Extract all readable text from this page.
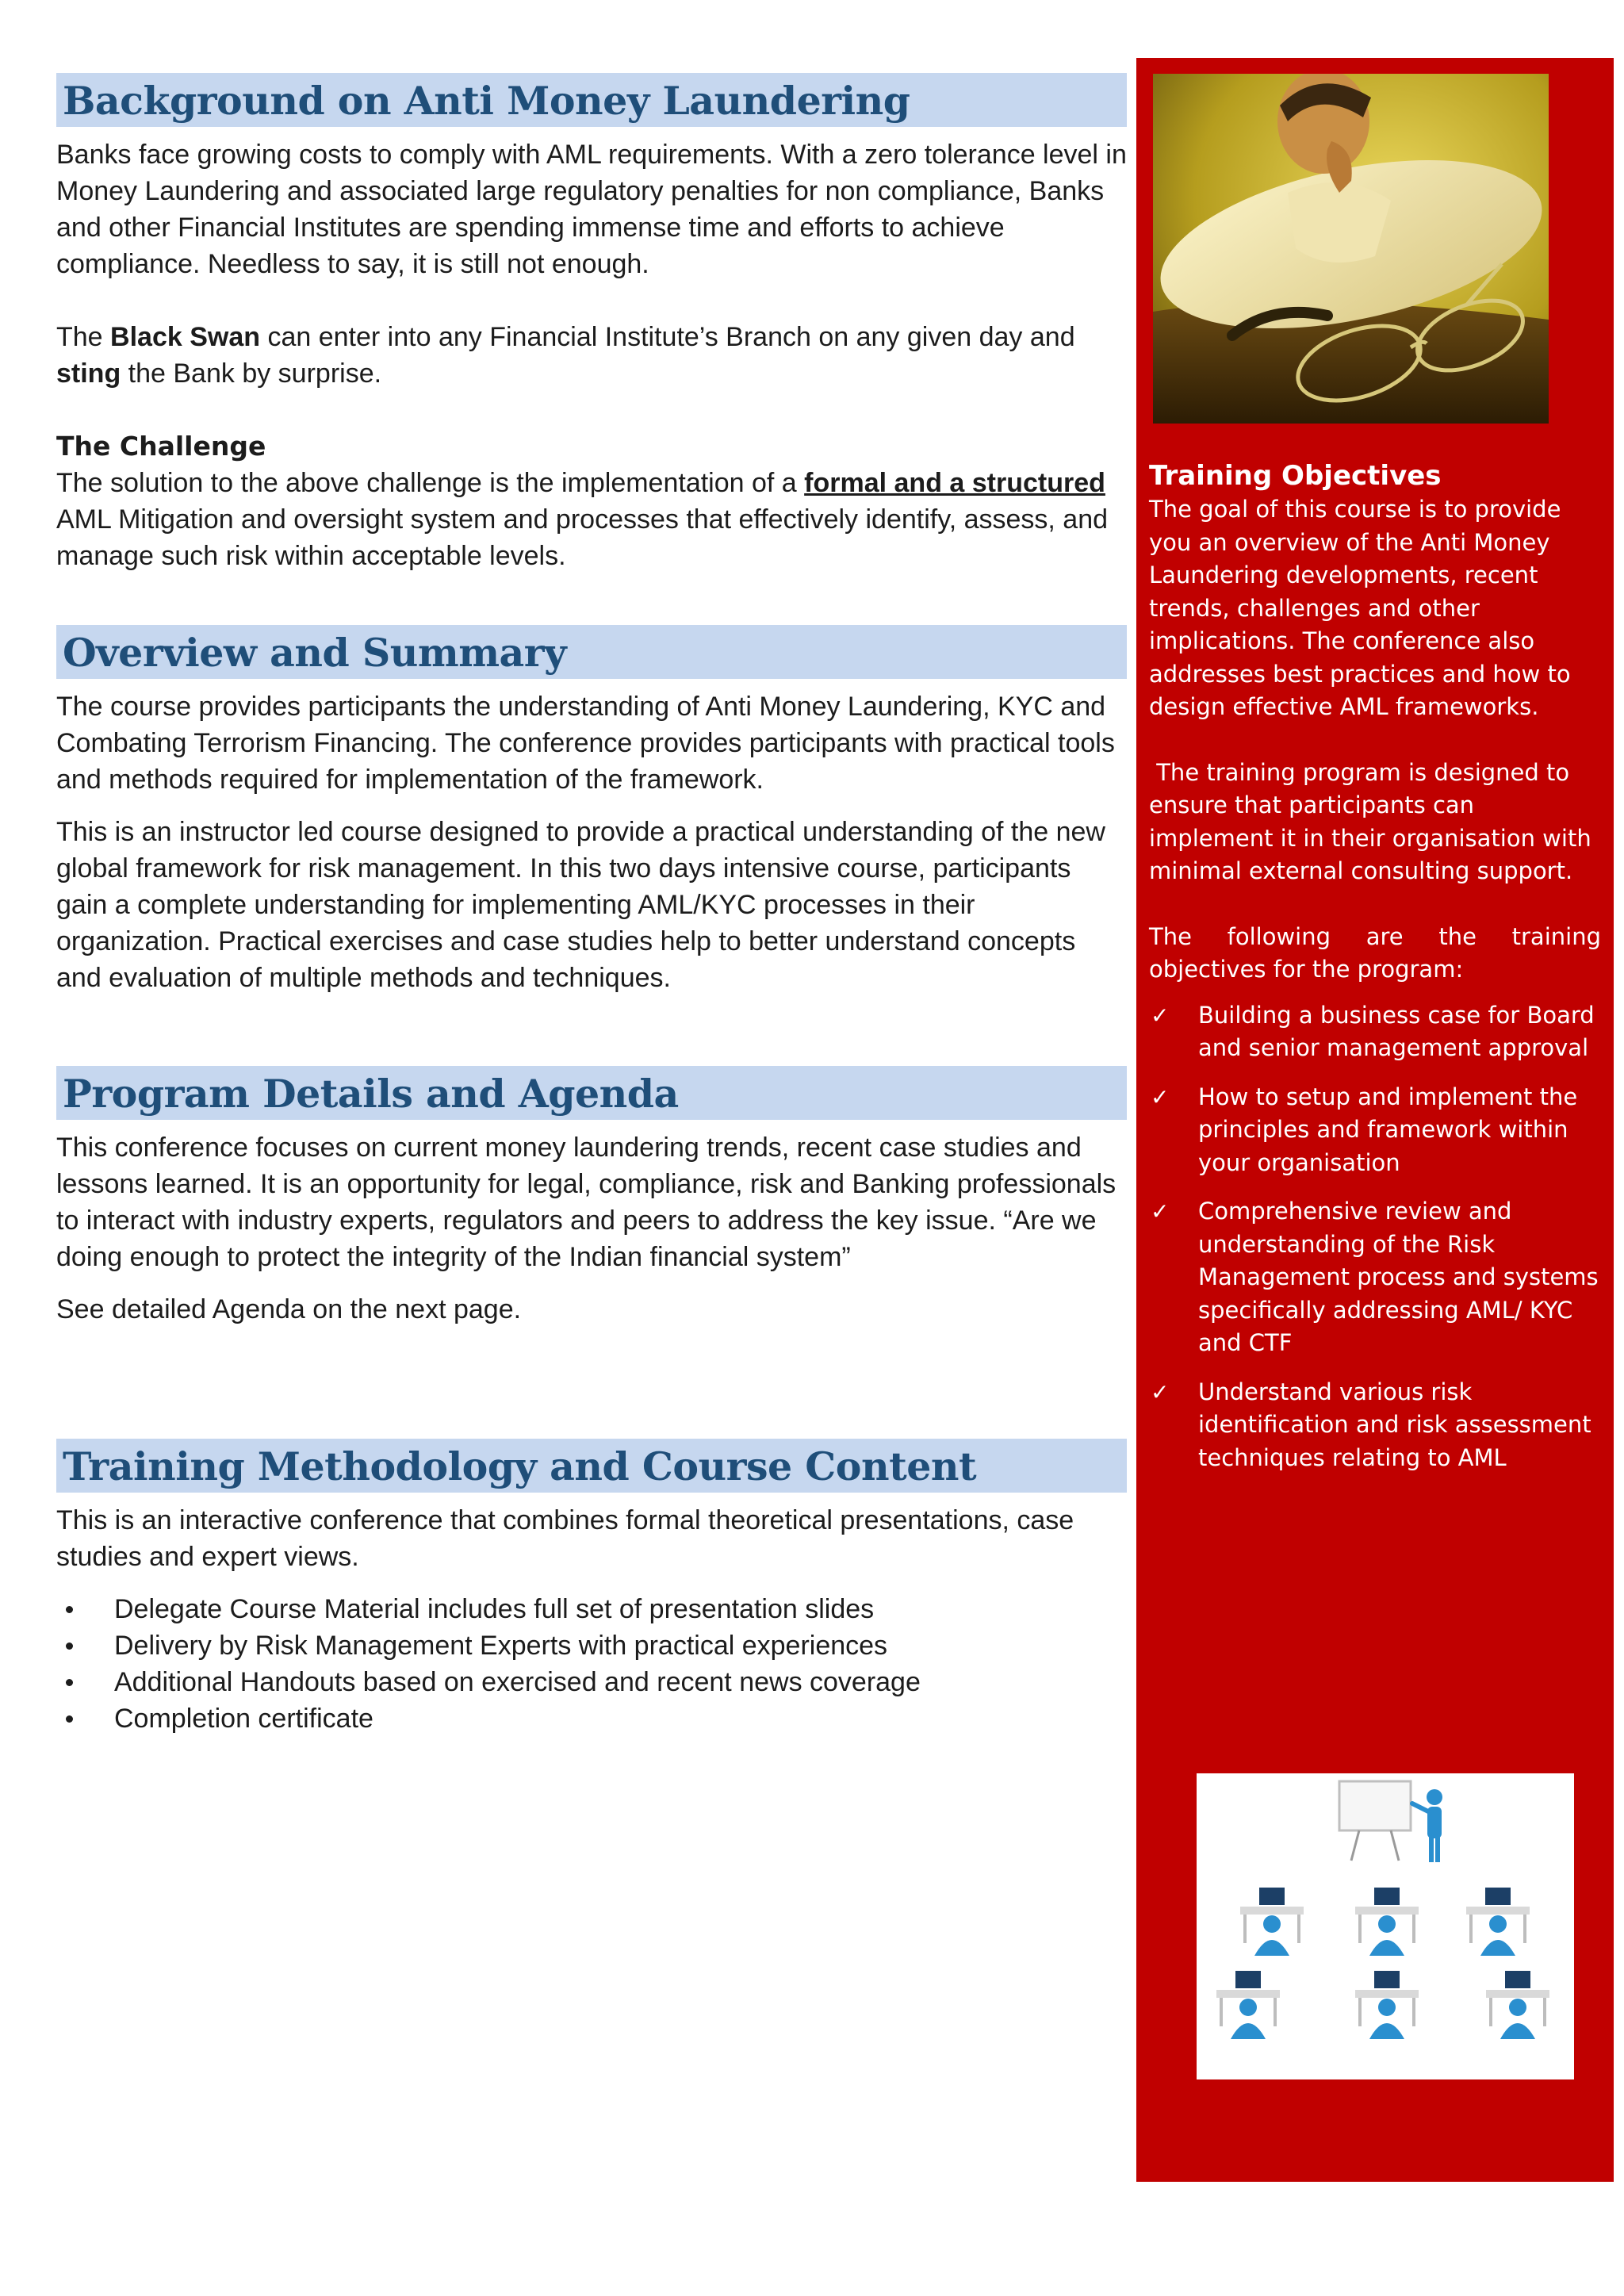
Background on Anti Money Laundering

Banks face growing costs to comply with AML requirements. With a zero tolerance level in Money Laundering and associated large regulatory penalties for non compliance, Banks and other Financial Institutes are spending immense time and efforts to achieve compliance. Needless to say, it is still not enough.

The Black Swan can enter into any Financial Institute’s Branch on any given day and sting the Bank by surprise.

The Challenge

The solution to the above challenge is the implementation of a formal and a structured AML Mitigation and oversight system and processes that effectively identify, assess, and manage such risk within acceptable levels.

Overview and Summary

The course provides participants the understanding of Anti Money Laundering, KYC and Combating Terrorism Financing. The conference provides participants with practical tools and methods required for implementation of the framework.

This is an instructor led course designed to provide a practical understanding of the new global framework for risk management. In this two days intensive course, participants gain a complete understanding for implementing AML/KYC processes in their organization. Practical exercises and case studies help to better understand concepts and evaluation of multiple methods and techniques.

Program Details and Agenda

This conference focuses on current money laundering trends, recent case studies and lessons learned. It is an opportunity for legal, compliance, risk and Banking professionals to interact with industry experts, regulators and peers to address the key issue. “Are we doing enough to protect the integrity of the Indian financial system”

See detailed Agenda on the next page.

Training Methodology and Course Content

This is an interactive conference that combines formal theoretical presentations, case studies and expert views.

Delegate Course Material includes full set of presentation slides
Delivery by Risk Management Experts with practical experiences
Additional Handouts based on exercised and recent news coverage
Completion certificate
Training Objectives

The goal of this course is to provide you an overview of the Anti Money Laundering developments, recent trends, challenges and other implications. The conference also addresses best practices and how to design effective AML frameworks.

The training program is designed to ensure that participants can implement it in their organisation with minimal external consulting support.

The following are the training

objectives for the program:

✓ Building a business case for Board and senior management approval
✓ How to setup and implement the principles and framework within your organisation
✓ Comprehensive review and understanding of the Risk Management process and systems specifically addressing AML/ KYC and CTF
✓ Understand various risk identification and risk assessment techniques relating to AML
